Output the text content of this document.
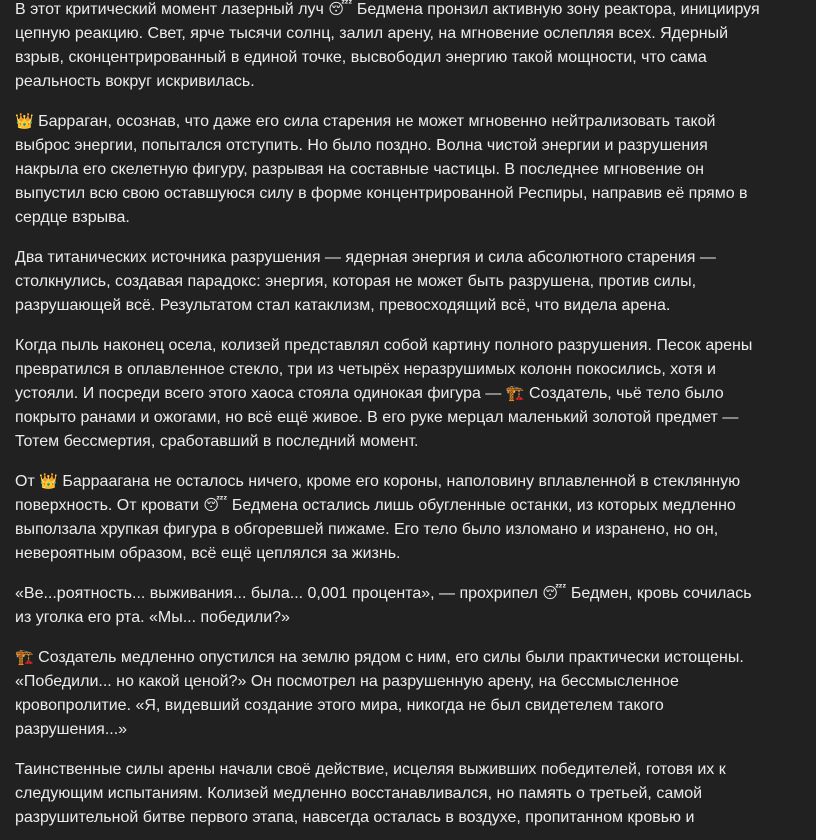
В этот критический момент лазерный луч 😴 Бедмена пронзил активную зону реактора, инициируя цепную реакцию. Свет, ярче тысячи солнц, залил арену, на мгновение ослепляя всех. Ядерный взрыв, сконцентрированный в единой точке, высвободил энергию такой мощности, что сама реальность вокруг искривилась.

👑 Барраган, осознав, что даже его сила старения не может мгновенно нейтрализовать такой выброс энергии, попытался отступить. Но было поздно. Волна чистой энергии и разрушения накрыла его скелетную фигуру, разрывая на составные частицы. В последнее мгновение он выпустил всю свою оставшуюся силу в форме концентрированной Респиры, направив её прямо в сердце взрыва.

Два титанических источника разрушения — ядерная энергия и сила абсолютного старения — столкнулись, создавая парадокс: энергия, которая не может быть разрушена, против силы, разрушающей всё. Результатом стал катаклизм, превосходящий всё, что видела арена.

Когда пыль наконец осела, колизей представлял собой картину полного разрушения. Песок арены превратился в оплавленное стекло, три из четырёх неразрушимых колонн покосились, хотя и устояли. И посреди всего этого хаоса стояла одинокая фигура — 🏗️ Создатель, чьё тело было покрыто ранами и ожогами, но всё ещё живое. В его руке мерцал маленький золотой предмет — Тотем бессмертия, сработавший в последний момент.

От 👑 Барраагана не осталось ничего, кроме его короны, наполовину вплавленной в стеклянную поверхность. От кровати 😴 Бедмена остались лишь обугленные останки, из которых медленно выползала хрупкая фигура в обгоревшей пижаме. Его тело было изломано и израненo, но он, невероятным образом, всё ещё цеплялся за жизнь.

«Ве...роятность... выживания... была... 0,001 процента», — прохрипел 😴 Бедмен, кровь сочилась из уголка его рта. «Мы... победили?»

🏗️ Создатель медленно опустился на землю рядом с ним, его силы были практически истощены. «Победили... но какой ценой?» Он посмотрел на разрушенную арену, на бессмысленное кровопролитие. «Я, видевший создание этого мира, никогда не был свидетелем такого разрушения...»

Таинственные силы арены начали своё действие, исцеляя выживших победителей, готовя их к следующим испытаниям. Колизей медленно восстанавливался, но память о третьей, самой разрушительной битве первого этапа, навсегда осталась в воздухе, пропитанном кровью и
